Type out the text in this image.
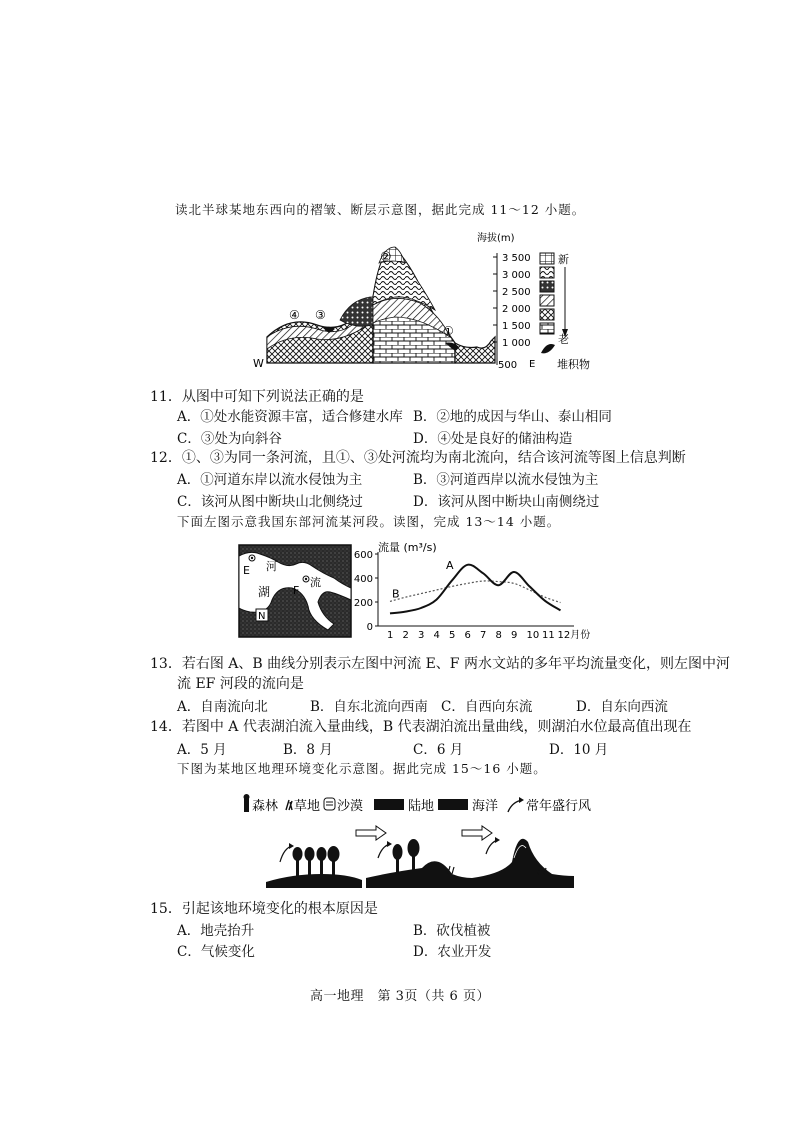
读北半球某地东西向的褶皱、断层示意图，据此完成 11～12 小题。
②
④ ③
①
W
海拔(m)
3 500
3 000
2 500
2 000
1 500
1 000
500 E
新
老
堆积物
11．从图中可知下列说法正确的是
A．①处水能资源丰富，适合修建水库 B．②地的成因与华山、泰山相同
C．③处为向斜谷	D．④处是良好的储油构造
12．①、③为同一条河流，且①、③处河流均为南北流向，结合该河流等图上信息判断
A．①河道东岸以流水侵蚀为主	B．③河道西岸以流水侵蚀为主
C．该河从图中断块山北侧绕过	D．该河从图中断块山南侧绕过
下面左图示意我国东部河流某河段。读图，完成 13～14 小题。
E 河
湖 F
流
N
流量 (m³/s)
0
200
400
600
1 2 3 4 5 6 7 8 9 10 11 12月份
A
B
13．若右图 A、B 曲线分别表示左图中河流 E、F 两水文站的多年平均流量变化，则左图中河
流 EF 河段的流向是
A．自南流向北	B．自东北流向西南 C．自西向东流	D．自东向西流
14．若图中 A 代表湖泊流入量曲线，B 代表湖泊流出量曲线，则湖泊水位最高值出现在
A．5 月	B．8 月	C．6 月	D．10 月
下图为某地区地理环境变化示意图。据此完成 15～16 小题。
森林 草地 沙漠	陆地	海洋 常年盛行风
15．引起该地环境变化的根本原因是
A．地壳抬升	B．砍伐植被
C．气候变化	D．农业开发
高一地理　第 3页（共 6 页）
